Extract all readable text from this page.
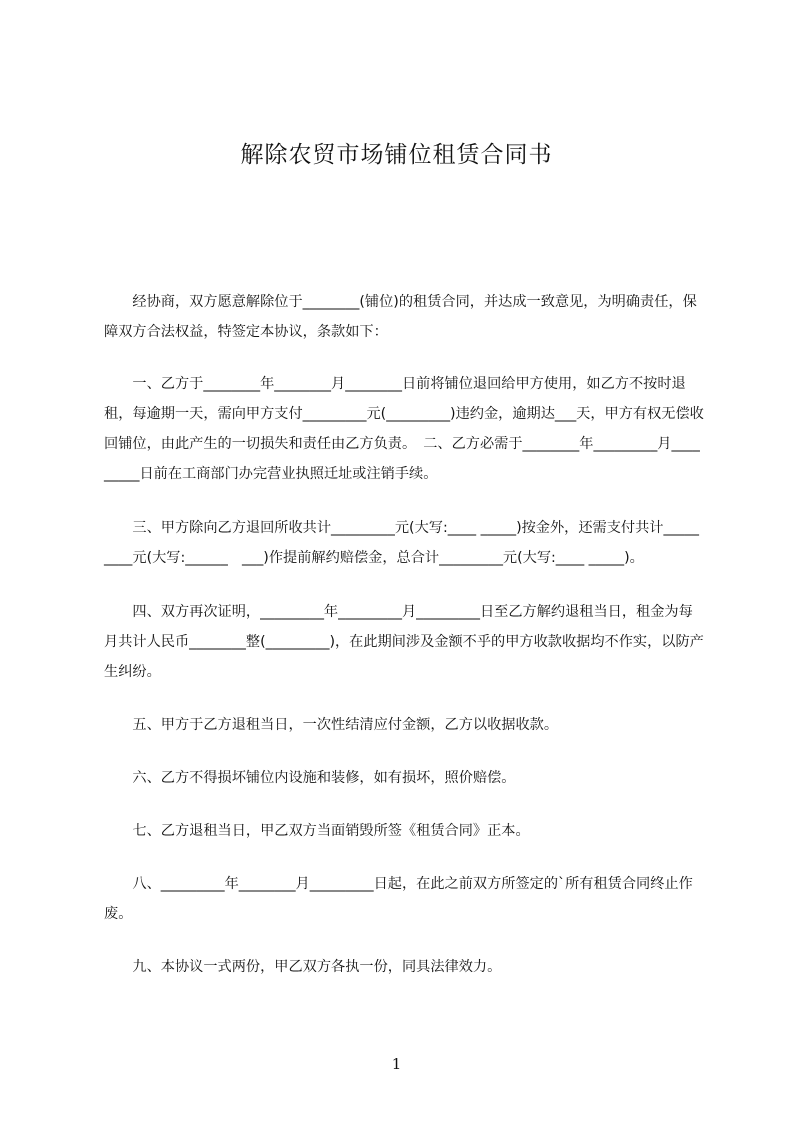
解除农贸市场铺位租赁合同书

　　经协商，双方愿意解除位于________(铺位)的租赁合同，并达成一致意见，为明确责任，保障双方合法权益，特签定本协议，条款如下：

　　一、乙方于________年________月________日前将铺位退回给甲方使用，如乙方不按时退租，每逾期一天，需向甲方支付_________元(_________)违约金，逾期达___天，甲方有权无偿收回铺位，由此产生的一切损失和责任由乙方负责。　二、乙方必需于________年_________月_________日前在工商部门办完营业执照迁址或注销手续。

　　三、甲方除向乙方退回所收共计_________元(大写:____ _____)按金外，还需支付共计_________元(大写:______　___)作提前解约赔偿金，总合计_________元(大写:____ _____)。

　　四、双方再次证明，_________年_________月_________日至乙方解约退租当日，租金为每月共计人民币________整(_________)，在此期间涉及金额不乎的甲方收款收据均不作实，以防产生纠纷。

　　五、甲方于乙方退租当日，一次性结清应付金额，乙方以收据收款。

　　六、乙方不得损坏铺位内设施和装修，如有损坏，照价赔偿。

　　七、乙方退租当日，甲乙双方当面销毁所签《租赁合同》正本。

　　八、_________年________月_________日起，在此之前双方所签定的`所有租赁合同终止作废。

　　九、本协议一式两份，甲乙双方各执一份，同具法律效力。

1
